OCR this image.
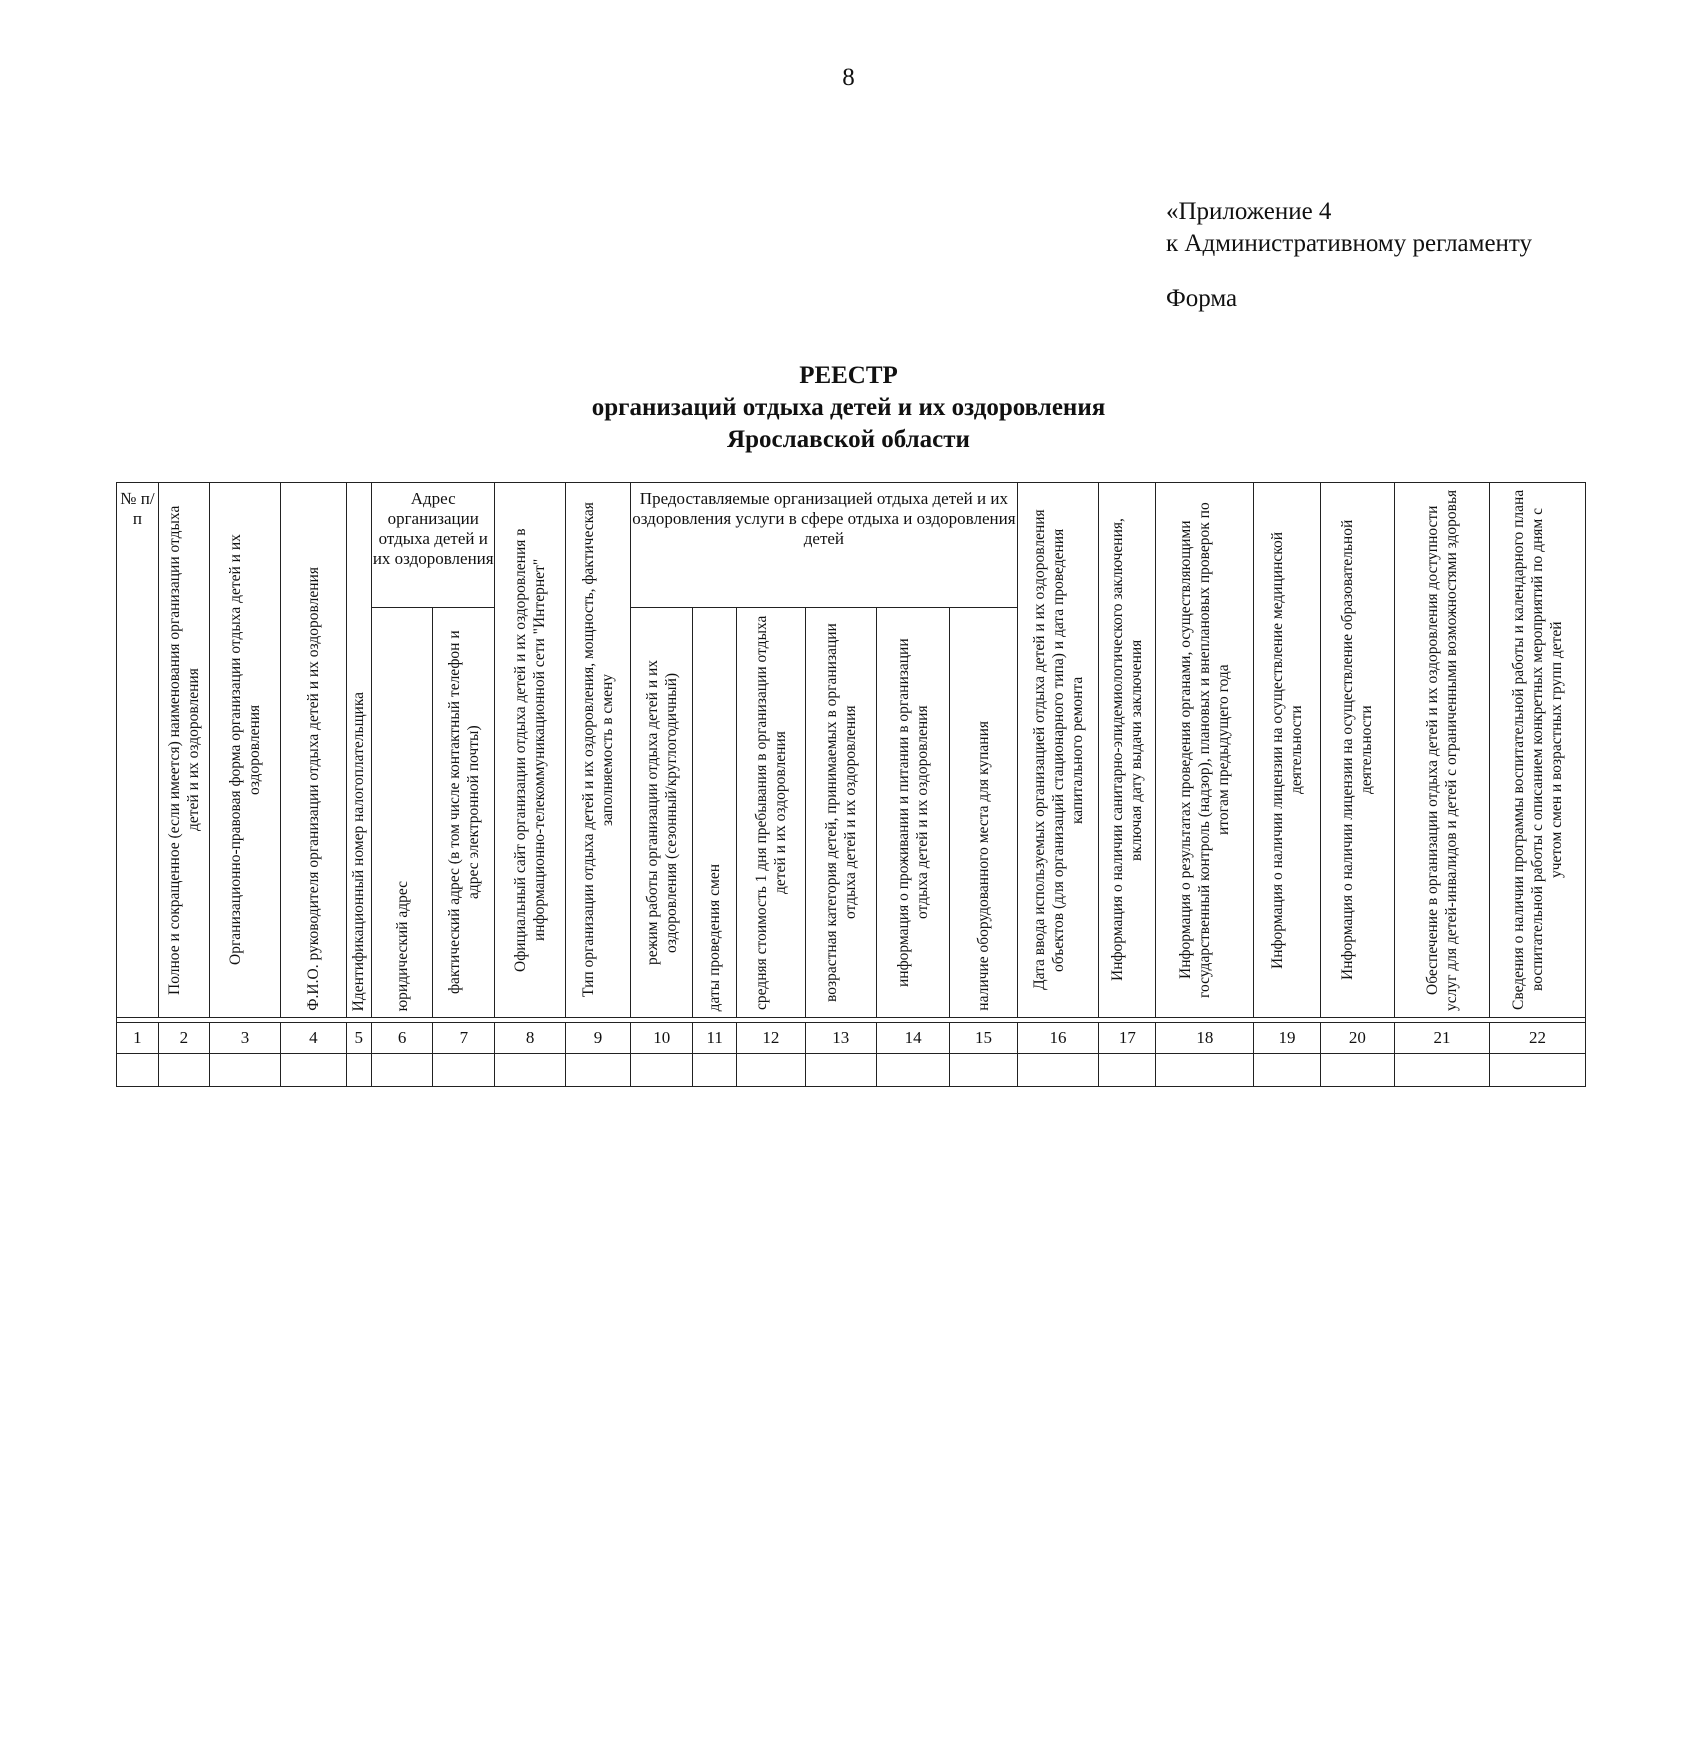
8
«Приложение 4
к Административному регламенту
Форма
РЕЕСТР
организаций отдыха детей и их оздоровления
Ярославской области
№ п/п	Полное и сокращенное (если имеется) наименования организации отдыха детей и их оздоровления	Организационно-правовая форма организации отдыха детей и их оздоровления	Ф.И.О. руководителя организации отдыха детей и их оздоровления	Идентификационный номер налогоплательщика	Адрес организации отдыха детей и их оздоровления		Официальный сайт организации отдыха детей и их оздоровления в информационно-телекоммуникационной сети "Интернет"	Тип организации отдыха детей и их оздоровления, мощность, фактическая заполняемость в смену	Предоставляемые организацией отдыха детей и их оздоровления услуги в сфере отдыха и оздоровления детей						Дата ввода используемых организацией отдыха детей и их оздоровления объектов (для организаций стационарного типа) и дата проведения капитального ремонта	Информация о наличии санитарно-эпидемиологического заключения, включая дату выдачи заключения	Информация о результатах проведения органами, осуществляющими государственный контроль (надзор), плановых и внеплановых проверок по итогам предыдущего года	Информация о наличии лицензии на осуществление медицинской деятельности	Информация о наличии лицензии на осуществление образовательной деятельности	Обеспечение в организации отдыха детей и их оздоровления доступности услуг для детей-инвалидов и детей с ограниченными возможностями здоровья	Сведения о наличии программы воспитательной работы и календарного плана воспитательной работы с описанием конкретных мероприятий по дням с учетом смен и возрастных групп детей

					юридический адрес	фактический адрес (в том числе контактный телефон и адрес электронной почты)			режим работы организации отдыха детей и их оздоровления (сезонный/круглогодичный)	даты проведения смен	средняя стоимость 1 дня пребывания в организации отдыха детей и их оздоровления	возрастная категория детей, принимаемых в организации отдыха детей и их оздоровления	информация о проживании и питании в организации отдыха детей и их оздоровления	наличие оборудованного места для купания							

1	2	3	4	5	6	7	8	9	10	11	12	13	14	15	16	17	18	19	20	21	22
